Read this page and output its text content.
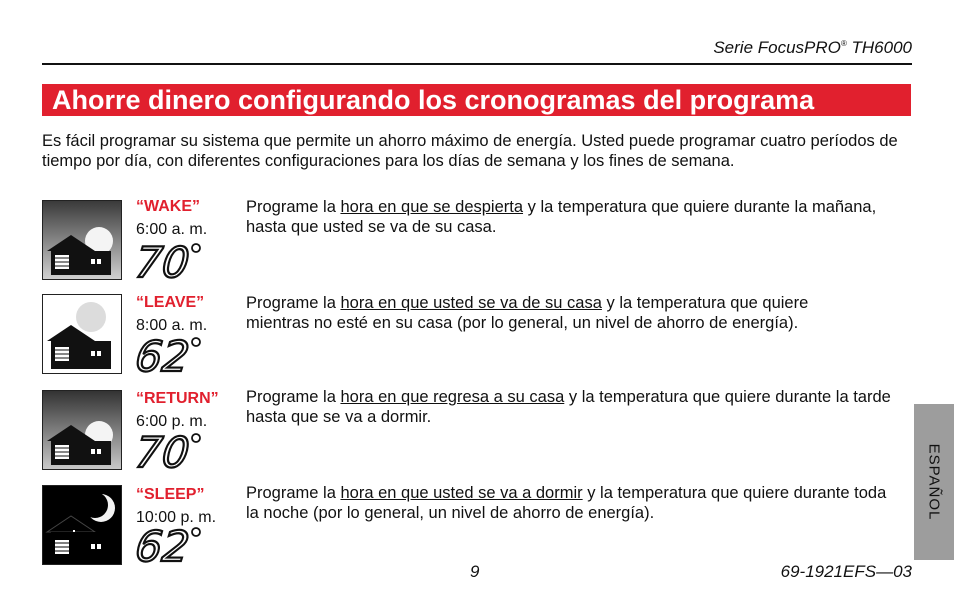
Serie FocusPRO® TH6000
Ahorre dinero configurando los cronogramas del programa
Es fácil programar su sistema que permite un ahorro máximo de energía. Usted puede programar cuatro períodos de tiempo por día, con diferentes configuraciones para los días de semana y los fines de semana.
“WAKE”
6:00 a. m.
70
Programe la hora en que se despierta y la temperatura que quiere durante la mañana, hasta que usted se va de su casa.
“LEAVE”
8:00 a. m.
62
Programe la hora en que usted se va de su casa y la temperatura que quiere mientras no esté en su casa (por lo general, un nivel de ahorro de energía).
“RETURN”
6:00 p. m.
70
Programe la hora en que regresa a su casa y la temperatura que quiere durante la tarde hasta que se va a dormir.
“SLEEP”
10:00 p. m.
62
Programe la hora en que usted se va a dormir y la temperatura que quiere durante toda la noche (por lo general, un nivel de ahorro de energía).	ESPAÑOL
9	69-1921EFS—03
